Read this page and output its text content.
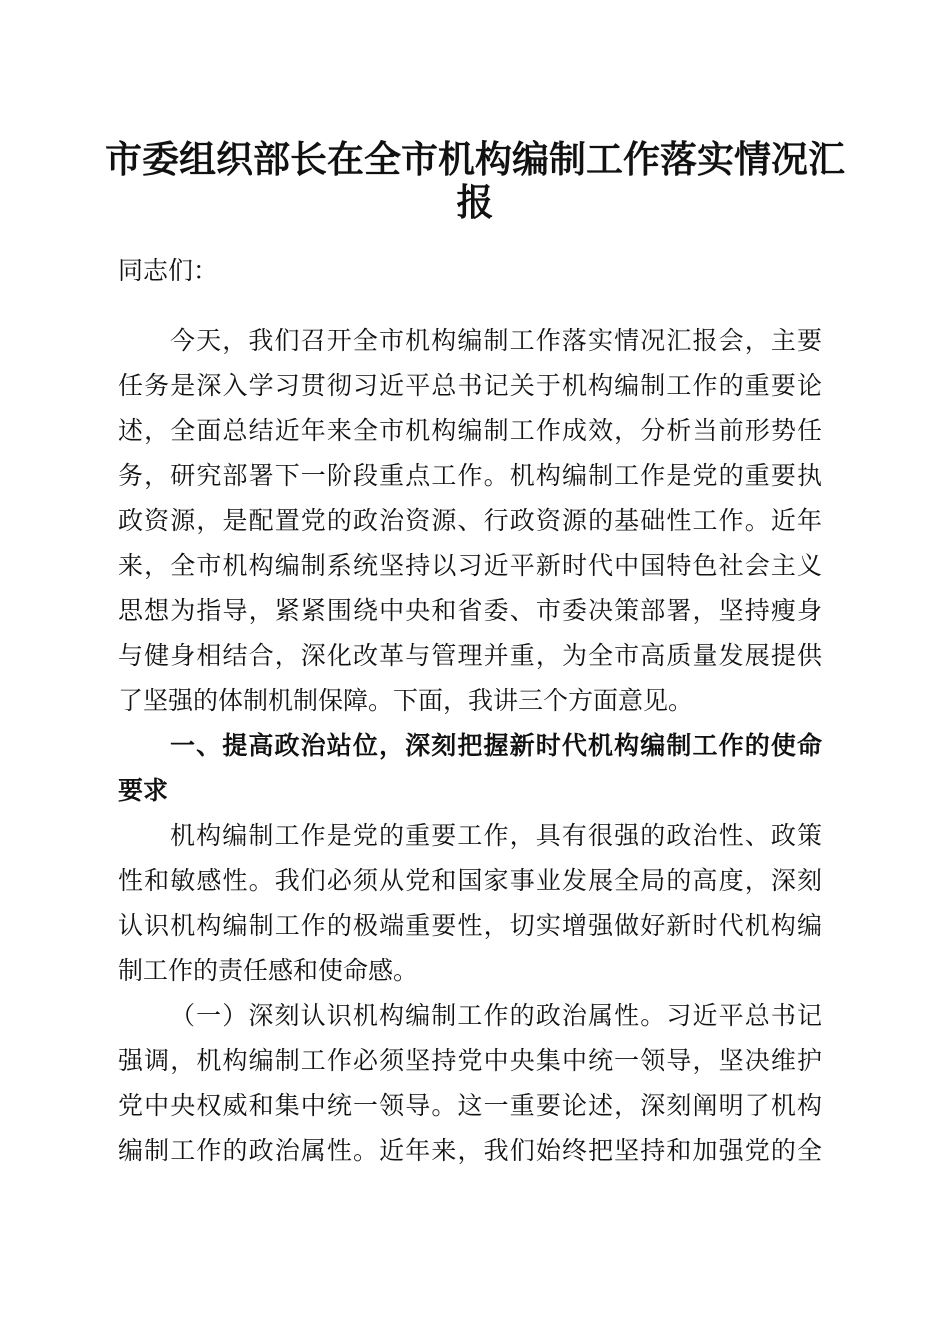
市委组织部长在全市机构编制工作落实情况汇
报
同志们：
今天，我们召开全市机构编制工作落实情况汇报会，主要
任务是深入学习贯彻习近平总书记关于机构编制工作的重要论
述，全面总结近年来全市机构编制工作成效，分析当前形势任
务，研究部署下一阶段重点工作。机构编制工作是党的重要执
政资源，是配置党的政治资源、行政资源的基础性工作。近年
来，全市机构编制系统坚持以习近平新时代中国特色社会主义
思想为指导，紧紧围绕中央和省委、市委决策部署，坚持瘦身
与健身相结合，深化改革与管理并重，为全市高质量发展提供
了坚强的体制机制保障。下面，我讲三个方面意见。
一、提高政治站位，深刻把握新时代机构编制工作的使命
要求
机构编制工作是党的重要工作，具有很强的政治性、政策
性和敏感性。我们必须从党和国家事业发展全局的高度，深刻
认识机构编制工作的极端重要性，切实增强做好新时代机构编
制工作的责任感和使命感。
（一）深刻认识机构编制工作的政治属性。习近平总书记
强调，机构编制工作必须坚持党中央集中统一领导，坚决维护
党中央权威和集中统一领导。这一重要论述，深刻阐明了机构
编制工作的政治属性。近年来，我们始终把坚持和加强党的全
